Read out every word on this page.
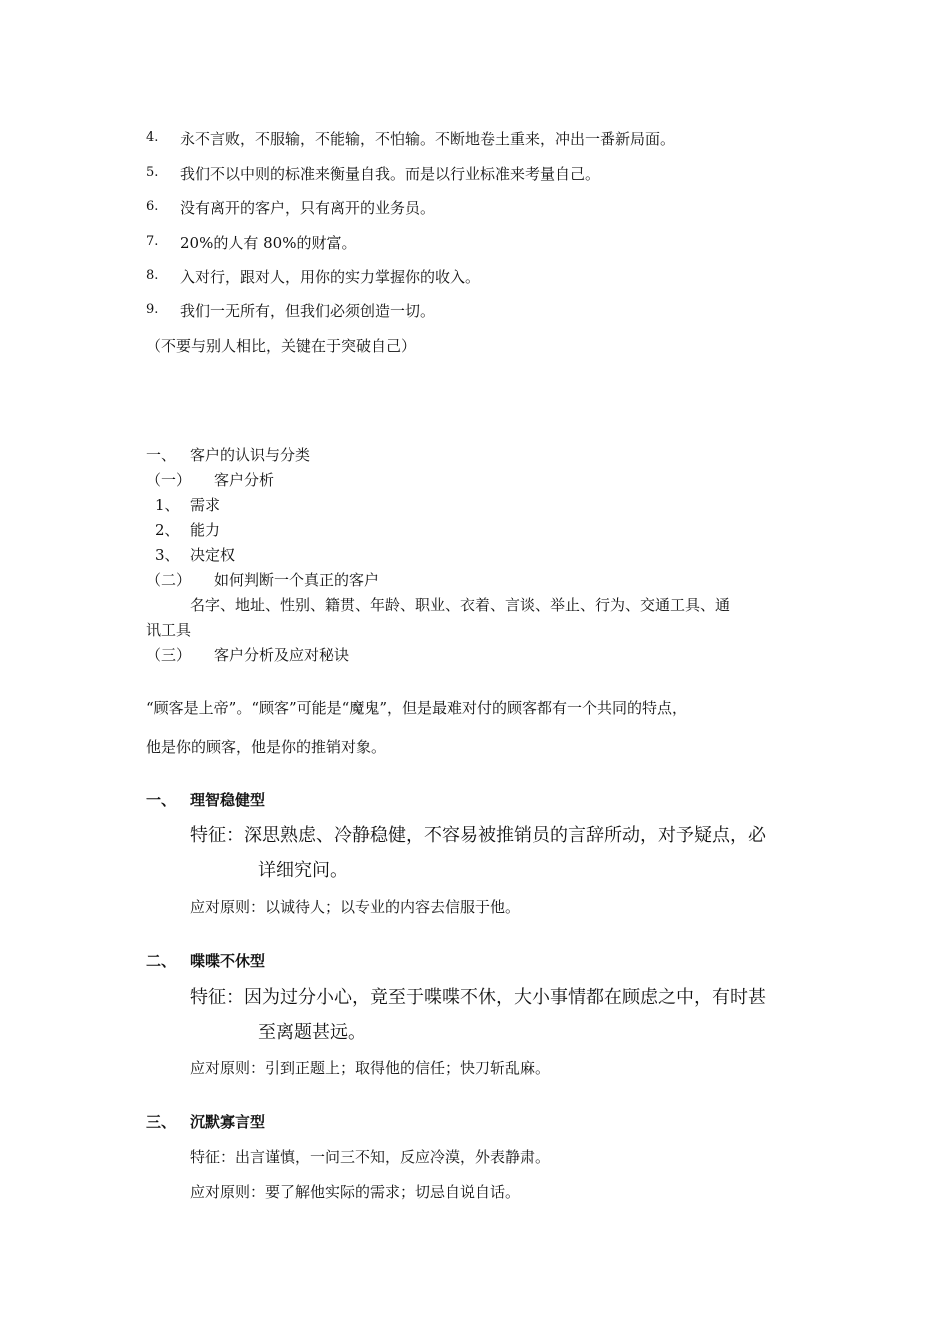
4. 永不言败，不服输，不能输，不怕输。不断地卷土重来，冲出一番新局面。
5. 我们不以中则的标准来衡量自我。而是以行业标准来考量自己。
6. 没有离开的客户，只有离开的业务员。
7. 20%的人有 80%的财富。
8. 入对行，跟对人，用你的实力掌握你的收入。
9. 我们一无所有，但我们必须创造一切。
（不要与别人相比，关键在于突破自己）
一、 客户的认识与分类
（一） 客户分析
1、 需求
2、 能力
3、 决定权
（二） 如何判断一个真正的客户
名字、地址、性别、籍贯、年龄、职业、衣着、言谈、举止、行为、交通工具、通
讯工具
（三） 客户分析及应对秘诀
“顾客是上帝”。“顾客”可能是“魔鬼”，但是最难对付的顾客都有一个共同的特点，
他是你的顾客，他是你的推销对象。
一、 理智稳健型
特征：深思熟虑、冷静稳健，不容易被推销员的言辞所动，对予疑点，必
详细究问。
应对原则：以诚待人；以专业的内容去信服于他。
二、 喋喋不休型
特征：因为过分小心，竟至于喋喋不休，大小事情都在顾虑之中，有时甚
至离题甚远。
应对原则：引到正题上；取得他的信任；快刀斩乱麻。
三、 沉默寡言型
特征：出言谨慎，一问三不知，反应冷漠，外表静肃。
应对原则：要了解他实际的需求；切忌自说自话。
